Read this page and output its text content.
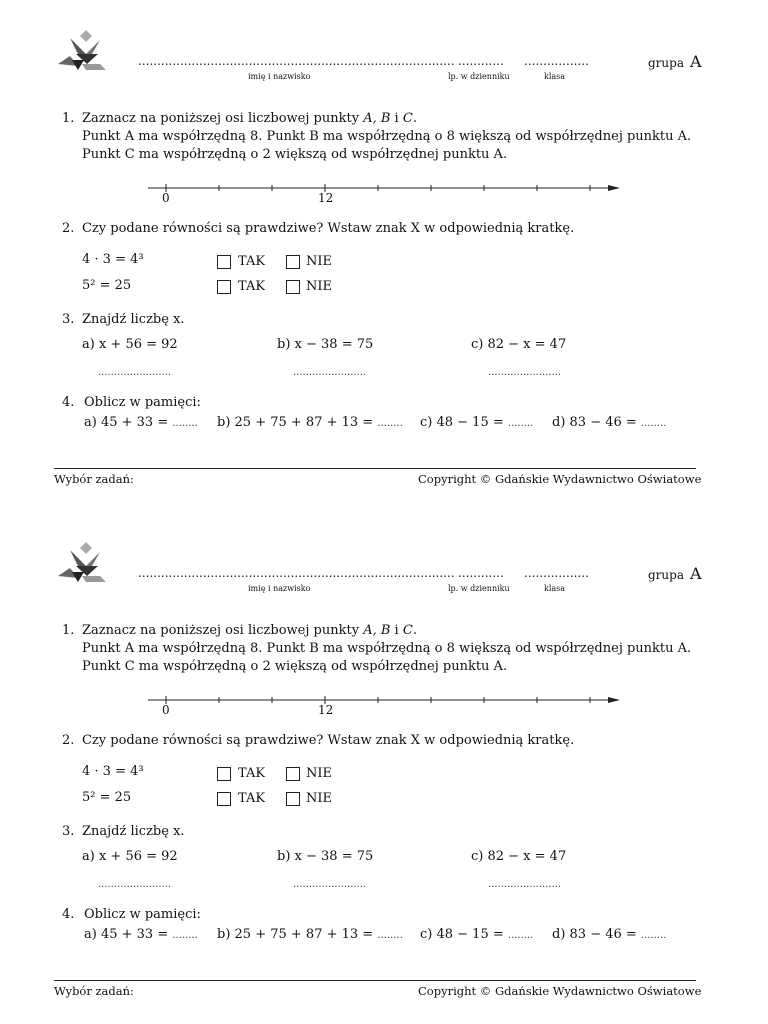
...................................................................................
imię i nazwisko
............
lp. w dzienniku
.................
klasa
grupa A
1. Zaznacz na poniższej osi liczbowej punkty A, B i C.
Punkt A ma współrzędną 8. Punkt B ma współrzędną o 8 większą od współrzędnej punktu A.
Punkt C ma współrzędną o 2 większą od współrzędnej punktu A.
0	12
2. Czy podane równości są prawdziwe? Wstaw znak X w odpowiednią kratkę.
4 · 3 = 4³	TAK	NIE
5² = 25	TAK	NIE
3. Znajdź liczbę x.
a) x + 56 = 92	b) x − 38 = 75	c) 82 − x = 47
.......................	.......................	.......................
4. Oblicz w pamięci:
a) 45 + 33 = ........ b) 25 + 75 + 87 + 13 = ........ c) 48 − 15 = ........ d) 83 − 46 = ........
Wybór zadań:	Copyright © Gdańskie Wydawnictwo Oświatowe
...................................................................................
imię i nazwisko
............
lp. w dzienniku
.................
klasa
grupa A
1. Zaznacz na poniższej osi liczbowej punkty A, B i C.
Punkt A ma współrzędną 8. Punkt B ma współrzędną o 8 większą od współrzędnej punktu A.
Punkt C ma współrzędną o 2 większą od współrzędnej punktu A.
0	12
2. Czy podane równości są prawdziwe? Wstaw znak X w odpowiednią kratkę.
4 · 3 = 4³	TAK	NIE
5² = 25	TAK	NIE
3. Znajdź liczbę x.
a) x + 56 = 92	b) x − 38 = 75	c) 82 − x = 47
.......................	.......................	.......................
4. Oblicz w pamięci:
a) 45 + 33 = ........ b) 25 + 75 + 87 + 13 = ........ c) 48 − 15 = ........ d) 83 − 46 = ........
Wybór zadań:	Copyright © Gdańskie Wydawnictwo Oświatowe
